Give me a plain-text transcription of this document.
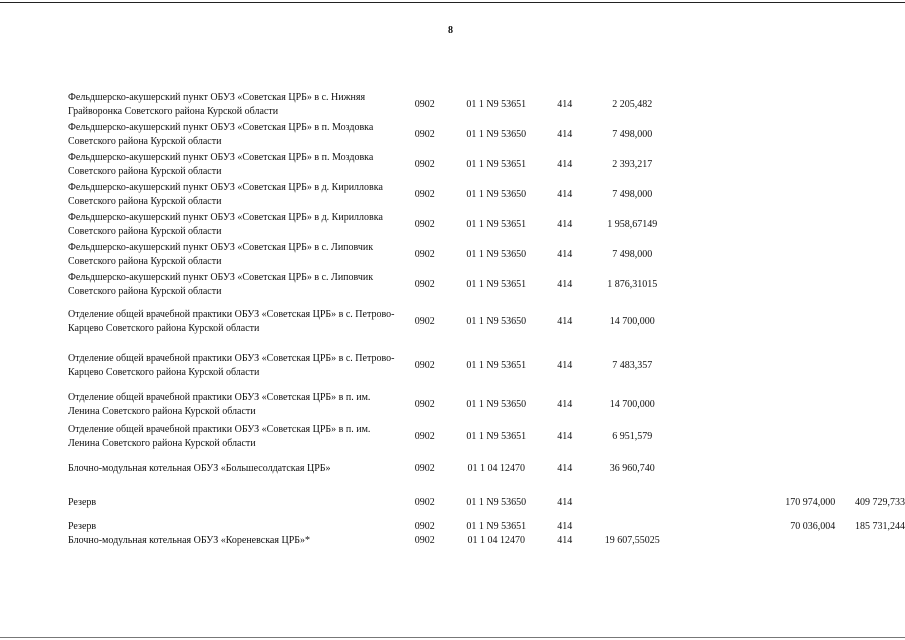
8
Фельдшерско-акушерский пункт ОБУЗ «Советская ЦРБ» в с. Нижняя Грайворонка Советского района Курской области	0902	01 1 N9 53651	414	2 205,482			
Фельдшерско-акушерский пункт ОБУЗ «Советская ЦРБ» в п. Моздовка Советского района Курской области	0902	01 1 N9 53650	414	7 498,000			
Фельдшерско-акушерский пункт ОБУЗ «Советская ЦРБ» в п. Моздовка Советского района Курской области	0902	01 1 N9 53651	414	2 393,217			
Фельдшерско-акушерский пункт ОБУЗ «Советская ЦРБ» в д. Кирилловка Советского района Курской области	0902	01 1 N9 53650	414	7 498,000			
Фельдшерско-акушерский пункт ОБУЗ «Советская ЦРБ» в д. Кирилловка Советского района Курской области	0902	01 1 N9 53651	414	1 958,67149			
Фельдшерско-акушерский пункт ОБУЗ «Советская ЦРБ» в с. Липовчик Советского района Курской области	0902	01 1 N9 53650	414	7 498,000			
Фельдшерско-акушерский пункт ОБУЗ «Советская ЦРБ» в с. Липовчик Советского района Курской области	0902	01 1 N9 53651	414	1 876,31015			
Отделение общей врачебной практики ОБУЗ «Советская ЦРБ» в с. Петрово-Карцево Советского района Курской области	0902	01 1 N9 53650	414	14 700,000			
Отделение общей врачебной практики ОБУЗ «Советская ЦРБ» в с. Петрово-Карцево Советского района Курской области	0902	01 1 N9 53651	414	7 483,357			
Отделение общей врачебной практики ОБУЗ «Советская ЦРБ» в п. им. Ленина Советского района Курской области	0902	01 1 N9 53650	414	14 700,000			
Отделение общей врачебной практики ОБУЗ «Советская ЦРБ» в п. им. Ленина Советского района Курской области	0902	01 1 N9 53651	414	6 951,579			
Блочно-модульная котельная ОБУЗ «Большесолдатская ЦРБ»	0902	01 1 04 12470	414	36 960,740			
Резерв	0902	01 1 N9 53650	414			170 974,000	409 729,733
Резерв	0902	01 1 N9 53651	414			70 036,004	185 731,244
Блочно-модульная котельная ОБУЗ «Кореневская ЦРБ»*	0902	01 1 04 12470	414	19 607,55025			
